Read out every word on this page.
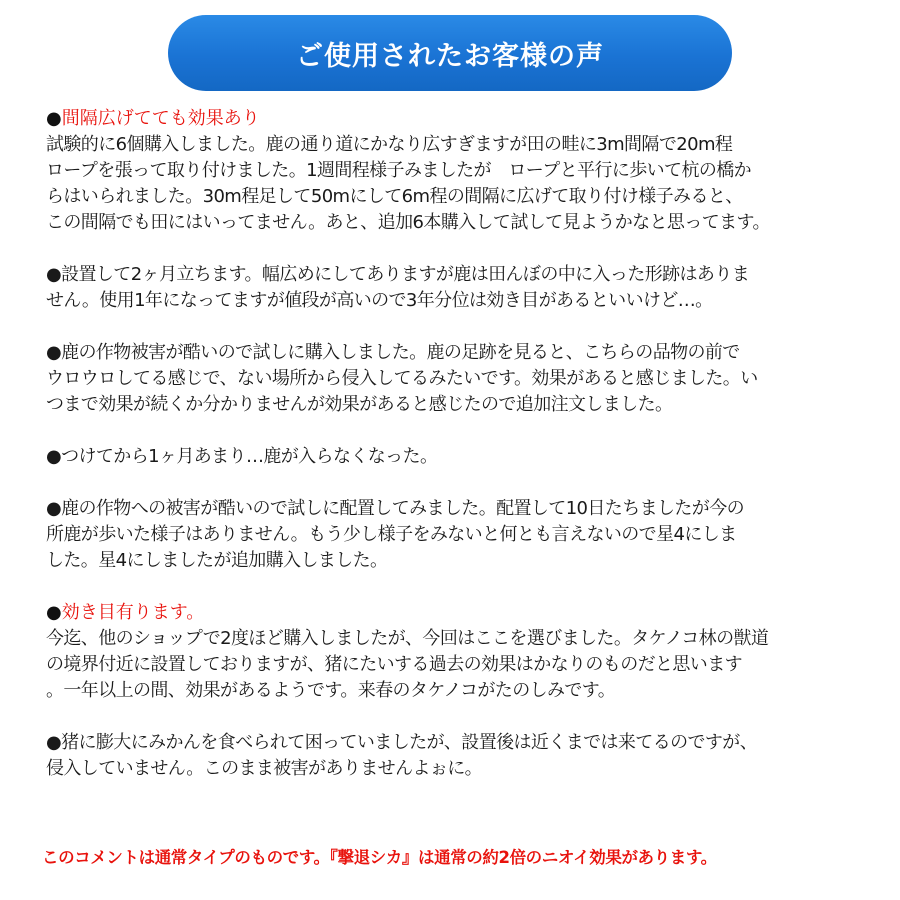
ご使用されたお客様の声

●間隔広げてても効果あり

試験的に6個購入しました。鹿の通り道にかなり広すぎますが田の畦に3m間隔で20m程

ロープを張って取り付けました。1週間程様子みましたが　ロープと平行に歩いて杭の橋か

らはいられました。30m程足して50mにして6m程の間隔に広げて取り付け様子みると、

この間隔でも田にはいってません。あと、追加6本購入して試して見ようかなと思ってます。

●設置して2ヶ月立ちます。幅広めにしてありますが鹿は田んぼの中に入った形跡はありま

せん。使用1年になってますが値段が高いので3年分位は効き目があるといいけど…。

●鹿の作物被害が酷いので試しに購入しました。鹿の足跡を見ると、こちらの品物の前で

ウロウロしてる感じで、ない場所から侵入してるみたいです。効果があると感じました。い

つまで効果が続くか分かりませんが効果があると感じたので追加注文しました。

●つけてから1ヶ月あまり…鹿が入らなくなった。

●鹿の作物への被害が酷いので試しに配置してみました。配置して10日たちましたが今の

所鹿が歩いた様子はありません。もう少し様子をみないと何とも言えないので星4にしま

した。星4にしましたが追加購入しました。

●効き目有ります。

今迄、他のショップで2度ほど購入しましたが、今回はここを選びました。タケノコ林の獣道

の境界付近に設置しておりますが、猪にたいする過去の効果はかなりのものだと思います

。一年以上の間、効果があるようです。来春のタケノコがたのしみです。

●猪に膨大にみかんを食べられて困っていましたが、設置後は近くまでは来てるのですが、

侵入していません。このまま被害がありませんよぉに。

このコメントは通常タイプのものです。『撃退シカ』は通常の約2倍のニオイ効果があります。
